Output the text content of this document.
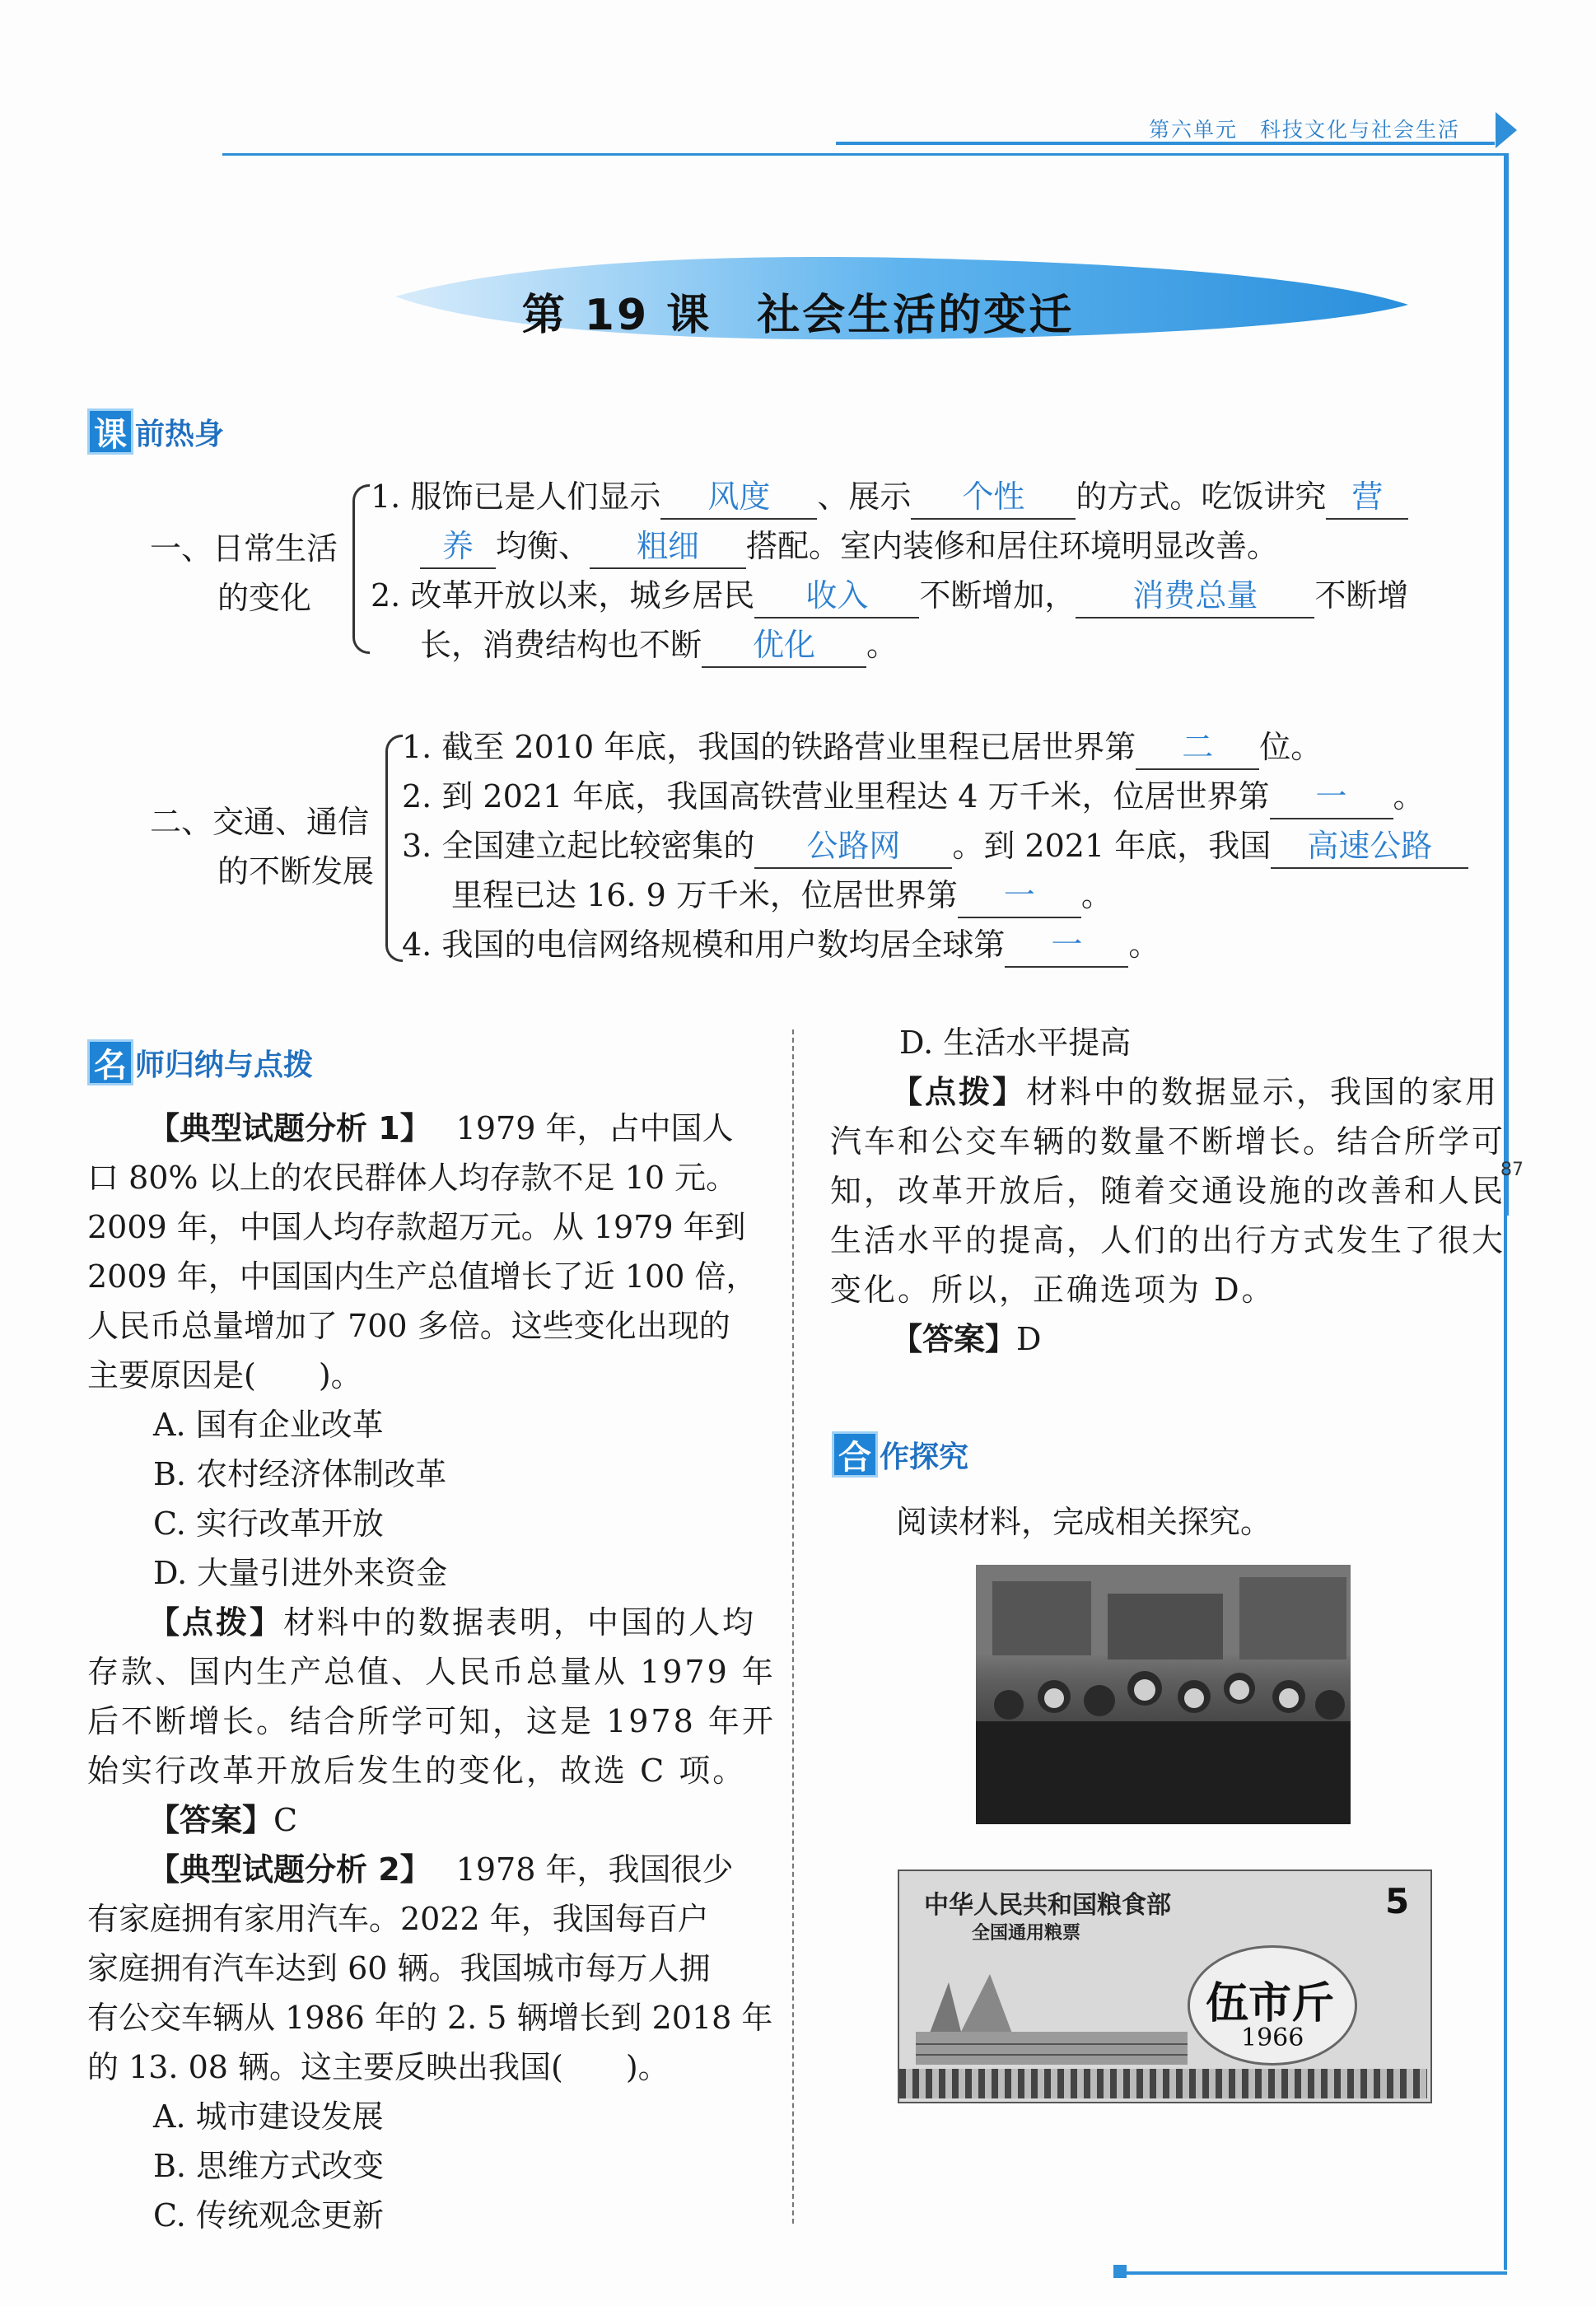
第六单元　科技文化与社会生活
87
第 19 课　社会生活的变迁
课 前热身
一、日常生活
的变化
1. 服饰已是人们显示 风度 、展示 个性 的方式。吃饭讲究 营
养 均衡、 粗细 搭配。室内装修和居住环境明显改善。
2. 改革开放以来，城乡居民 收入 不断增加， 消费总量 不断增
长，消费结构也不断 优化 。
二、交通、通信
的不断发展
1. 截至 2010 年底，我国的铁路营业里程已居世界第 二 位。
2. 到 2021 年底，我国高铁营业里程达 4 万千米，位居世界第 一 。
3. 全国建立起比较密集的 公路网 。到 2021 年底，我国 高速公路
里程已达 16. 9 万千米，位居世界第 一 。
4. 我国的电信网络规模和用户数均居全球第 一 。
名 师归纳与点拨
【典型试题分析 1】 1979 年，占中国人
口 80% 以上的农民群体人均存款不足 10 元。
2009 年，中国人均存款超万元。从 1979 年到
2009 年，中国国内生产总值增长了近 100 倍，
人民币总量增加了 700 多倍。这些变化出现的
主要原因是(　　)。
A. 国有企业改革
B. 农村经济体制改革
C. 实行改革开放
D. 大量引进外来资金
【点拨】材料中的数据表明，中国的人均
存款、国内生产总值、人民币总量从 1979 年
后不断增长。结合所学可知，这是 1978 年开
始实行改革开放后发生的变化，故选 C 项。
【答案】C
【典型试题分析 2】 1978 年，我国很少
有家庭拥有家用汽车。2022 年，我国每百户
家庭拥有汽车达到 60 辆。我国城市每万人拥
有公交车辆从 1986 年的 2. 5 辆增长到 2018 年
的 13. 08 辆。这主要反映出我国(　　)。
A. 城市建设发展
B. 思维方式改变
C. 传统观念更新
D. 生活水平提高
【点拨】材料中的数据显示，我国的家用
汽车和公交车辆的数量不断增长。结合所学可
知，改革开放后，随着交通设施的改善和人民
生活水平的提高，人们的出行方式发生了很大
变化。所以，正确选项为 D。
【答案】D
合 作探究
阅读材料，完成相关探究。
中华人民共和国粮食部
全国通用粮票
5
伍市斤
1966
